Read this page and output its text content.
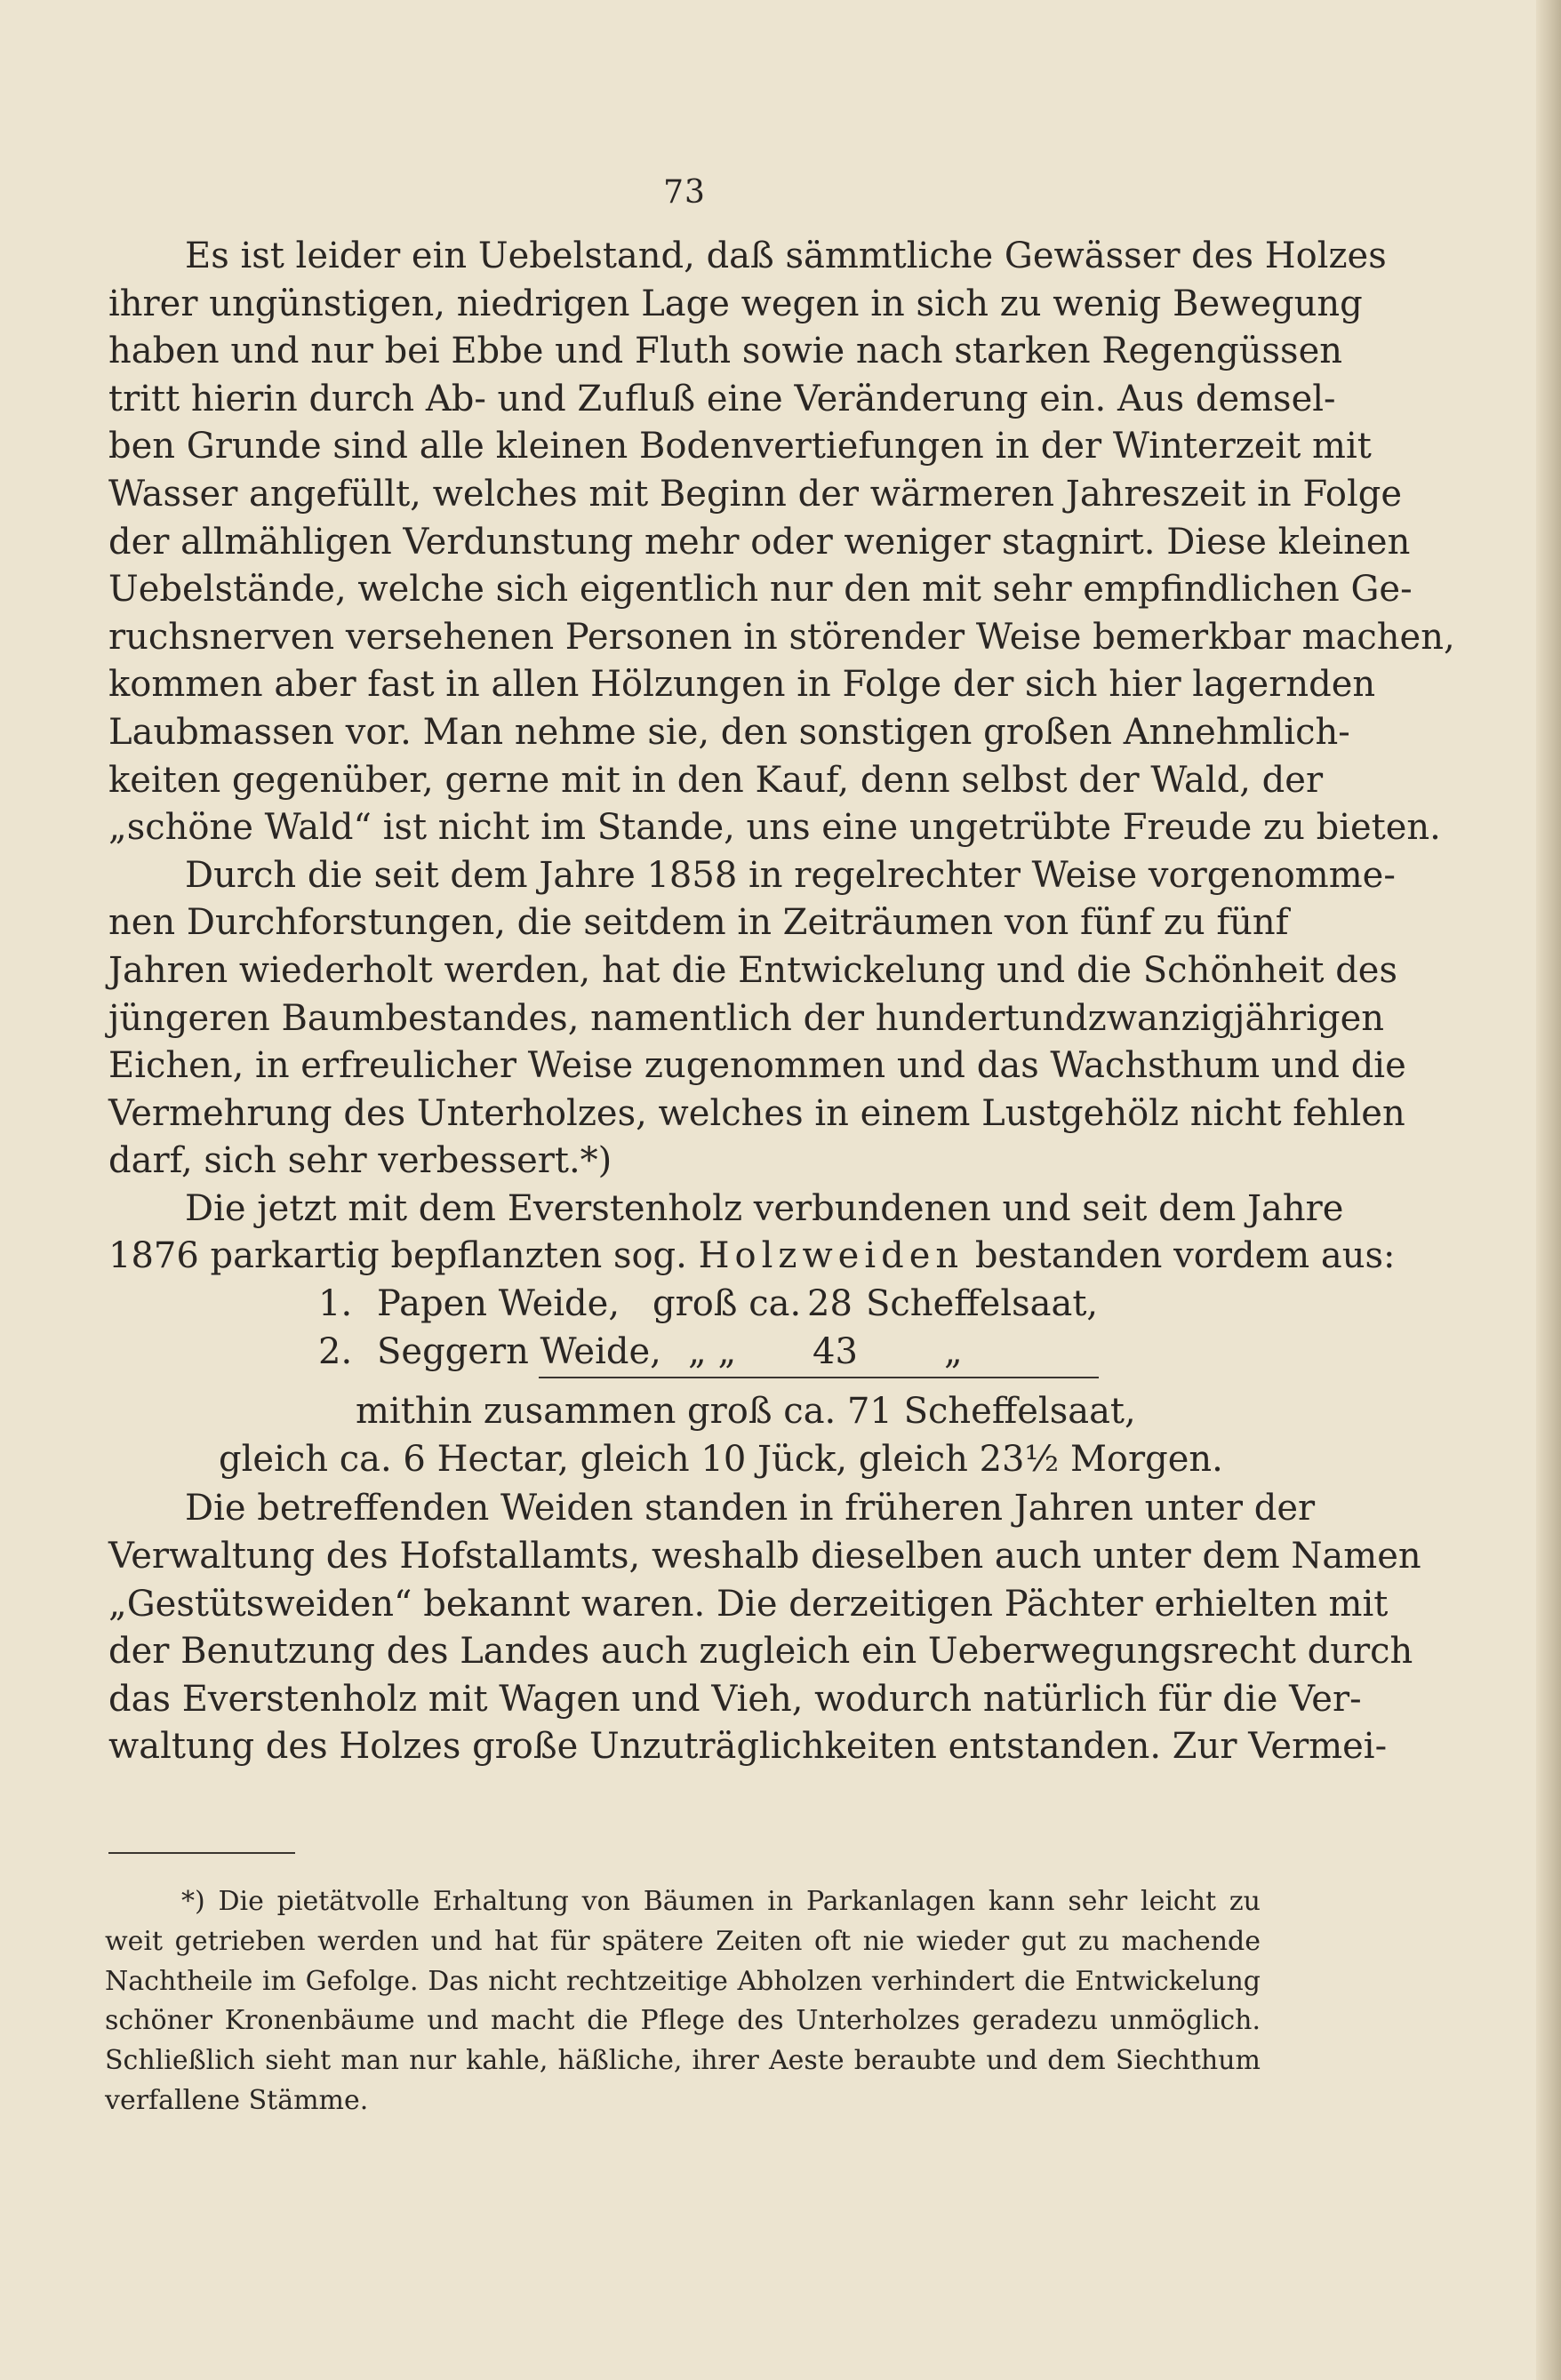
73
Es ist leider ein Uebelstand, daß sämmtliche Gewässer des Holzes
ihrer ungünstigen, niedrigen Lage wegen in sich zu wenig Bewegung
haben und nur bei Ebbe und Fluth sowie nach starken Regengüssen
tritt hierin durch Ab- und Zufluß eine Veränderung ein. Aus demsel-
ben Grunde sind alle kleinen Bodenvertiefungen in der Winterzeit mit
Wasser angefüllt, welches mit Beginn der wärmeren Jahreszeit in Folge
der allmähligen Verdunstung mehr oder weniger stagnirt. Diese kleinen
Uebelstände, welche sich eigentlich nur den mit sehr empfindlichen Ge-
ruchsnerven versehenen Personen in störender Weise bemerkbar machen,
kommen aber fast in allen Hölzungen in Folge der sich hier lagernden
Laubmassen vor. Man nehme sie, den sonstigen großen Annehmlich-
keiten gegenüber, gerne mit in den Kauf, denn selbst der Wald, der
„schöne Wald“ ist nicht im Stande, uns eine ungetrübte Freude zu bieten.
Durch die seit dem Jahre 1858 in regelrechter Weise vorgenomme-
nen Durchforstungen, die seitdem in Zeiträumen von fünf zu fünf
Jahren wiederholt werden, hat die Entwickelung und die Schönheit des
jüngeren Baumbestandes, namentlich der hundertundzwanzigjährigen
Eichen, in erfreulicher Weise zugenommen und das Wachsthum und die
Vermehrung des Unterholzes, welches in einem Lustgehölz nicht fehlen
darf, sich sehr verbessert.*)
Die jetzt mit dem Everstenholz verbundenen und seit dem Jahre
1876 parkartig bepflanzten sog. Holzweiden bestanden vordem aus:
1. Papen Weide, groß ca. 28 Scheffelsaat,
2. Seggern Weide, „ „ 43 „
mithin zusammen groß ca. 71 Scheffelsaat,
gleich ca. 6 Hectar, gleich 10 Jück, gleich 23½ Morgen.
Die betreffenden Weiden standen in früheren Jahren unter der
Verwaltung des Hofstallamts, weshalb dieselben auch unter dem Namen
„Gestütsweiden“ bekannt waren. Die derzeitigen Pächter erhielten mit
der Benutzung des Landes auch zugleich ein Ueberwegungsrecht durch
das Everstenholz mit Wagen und Vieh, wodurch natürlich für die Ver-
waltung des Holzes große Unzuträglichkeiten entstanden. Zur Vermei-
*) Die pietätvolle Erhaltung von Bäumen in Parkanlagen kann sehr leicht zu
weit getrieben werden und hat für spätere Zeiten oft nie wieder gut zu machende
Nachtheile im Gefolge. Das nicht rechtzeitige Abholzen verhindert die Entwickelung
schöner Kronenbäume und macht die Pflege des Unterholzes geradezu unmöglich.
Schließlich sieht man nur kahle, häßliche, ihrer Aeste beraubte und dem Siechthum
verfallene Stämme.
